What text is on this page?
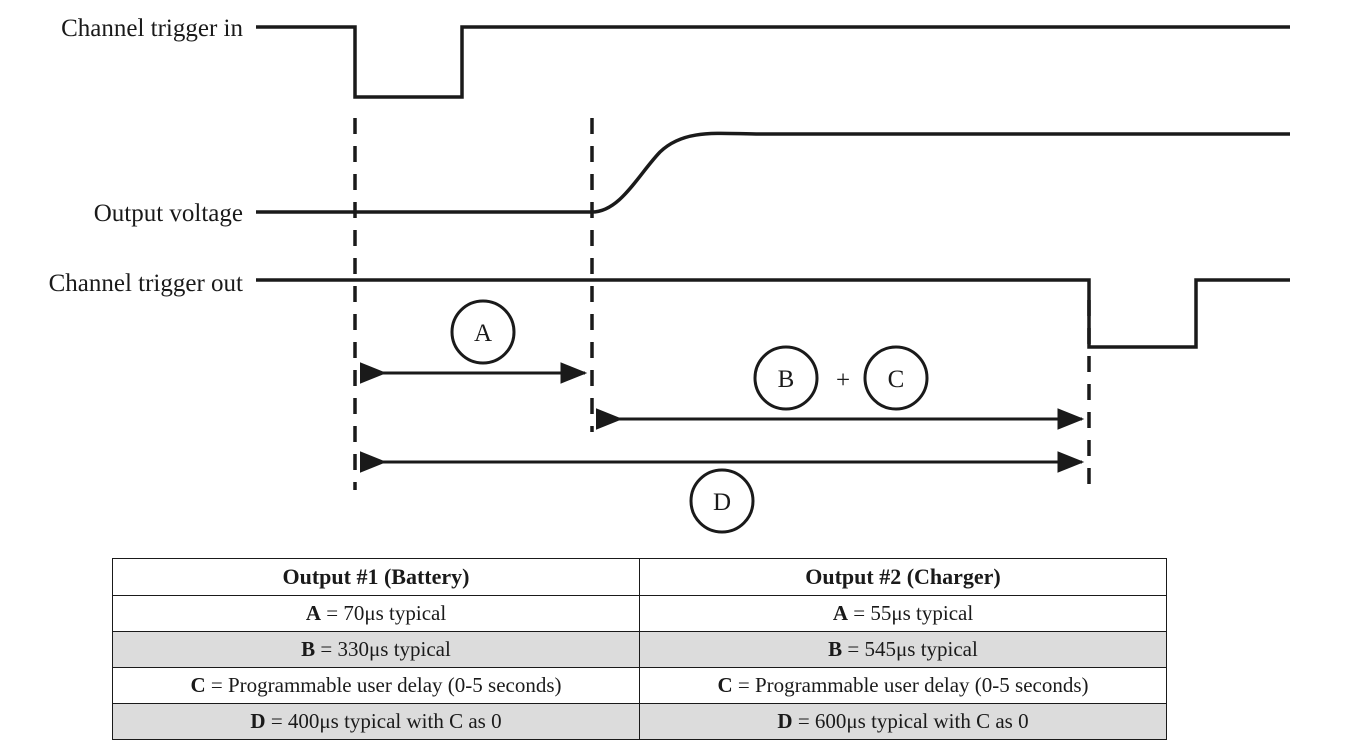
Channel trigger in
Output voltage
Channel trigger out
A
B + C
D
Output #1 (Battery)	Output #2 (Charger)
A = 70μs typical	A = 55μs typical
B = 330μs typical	B = 545μs typical
C = Programmable user delay (0-5 seconds)	C = Programmable user delay (0-5 seconds)
D = 400μs typical with C as 0	D = 600μs typical with C as 0
